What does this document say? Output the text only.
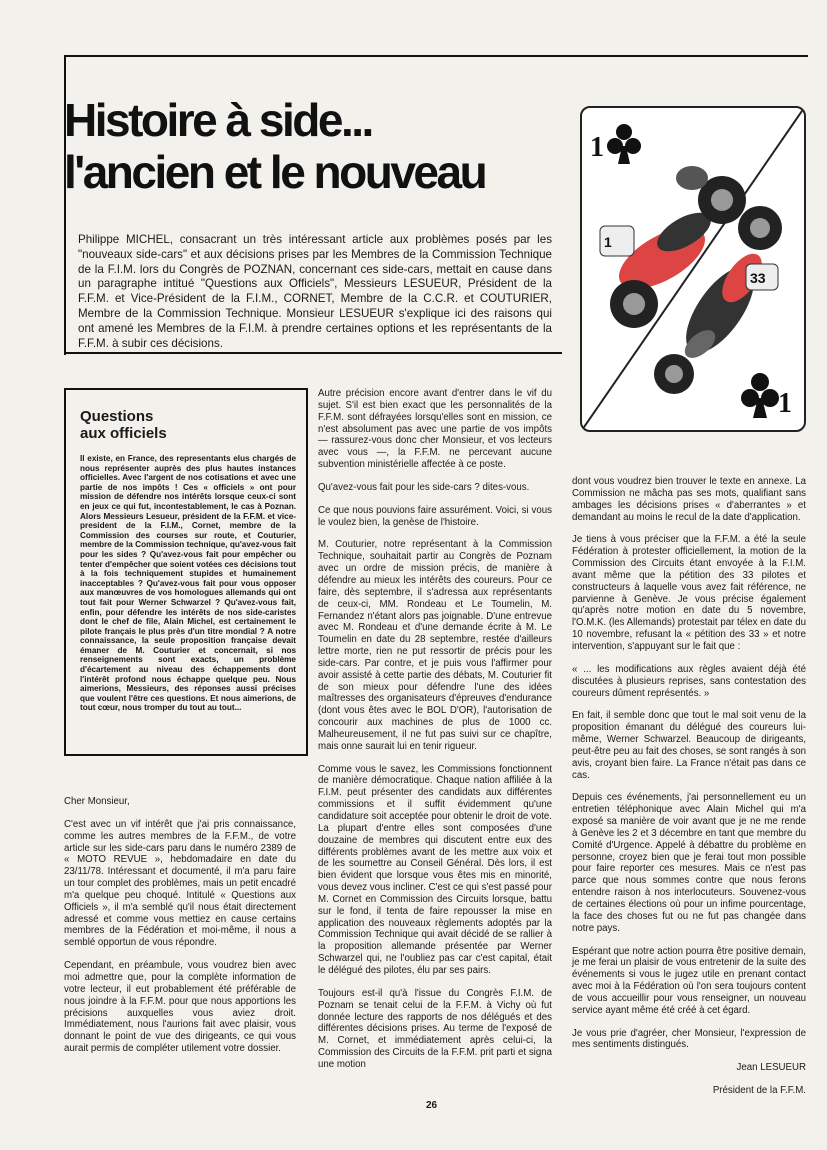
Histoire à side...
l'ancien et le nouveau

Philippe MICHEL, consacrant un très intéressant article aux problèmes posés par les "nouveaux side-cars" et aux décisions prises par les Membres de la Commission Technique de la F.I.M. lors du Congrès de POZNAN, concernant ces side-cars, mettait en cause dans un paragraphe intitué "Questions aux Officiels", Messieurs LESUEUR, Président de la F.F.M. et Vice-Président de la F.I.M., CORNET, Membre de la C.C.R. et COUTURIER, Membre de la Commission Technique. Monsieur LESUEUR s'explique ici des raisons qui ont amené les Membres de la F.I.M. à prendre certaines options et les représentants de la F.F.M. à subir ces décisions.

1
1
33
1
Questions
aux officiels

Il existe, en France, des representants elus chargés de nous représenter auprès des plus hautes instances officielles. Avec l'argent de nos cotisations et avec une partie de nos impôts ! Ces « officiels » ont pour mission de défendre nos intérêts lorsque ceux-ci sont en jeux ce qui fut, incontestablement, le cas à Poznan. Alors Messieurs Lesueur, président de la F.F.M. et vice-president de la F.I.M., Cornet, membre de la Commission des courses sur route, et Couturier, membre de la Commission technique, qu'avez-vous fait pour les sides ? Qu'avez-vous fait pour empêcher ou tenter d'empêcher que soient votées ces décisions tout à la fois techniquement stupides et humainement inacceptables ? Qu'avez-vous fait pour vous opposer aux manœuvres de vos homologues allemands qui ont tout fait pour Werner Schwarzel ? Qu'avez-vous fait, enfin, pour défendre les intérêts de nos side-caristes dont le chef de file, Alain Michel, est certainement le pilote français le plus près d'un titre mondial ? A notre connaissance, la seule proposition française devait émaner de M. Couturier et concernait, si nos renseignements sont exacts, un problème d'écartement au niveau des échappements dont l'intérêt profond nous échappe quelque peu. Nous aimerions, Messieurs, des réponses aussi précises que voulent l'être ces questions. Et nous aimerions, de tout cœur, nous tromper du tout au tout...

Cher Monsieur,

C'est avec un vif intérêt que j'ai pris connaissance, comme les autres membres de la F.F.M., de votre article sur les side-cars paru dans le numéro 2389 de « MOTO REVUE », hebdomadaire en date du 23/11/78. Intéressant et documenté, il m'a paru faire un tour complet des problèmes, mais un petit encadré m'a quelque peu choqué. Intitulé « Questions aux Officiels », il m'a semblé qu'il nous était directement adressé et comme vous mettiez en cause certains membres de la Fédération et moi-même, il nous a semblé opportun de vous répondre.

Cependant, en préambule, vous voudrez bien avec moi admettre que, pour la complète information de votre lecteur, il eut probablement été préférable de nous joindre à la F.F.M. pour que nous apportions les précisions auxquelles vous aviez droit. Immédiatement, nous l'aurions fait avec plaisir, vous donnant le point de vue des dirigeants, ce qui vous aurait permis de compléter utilement votre dossier.

Autre précision encore avant d'entrer dans le vif du sujet. S'il est bien exact que les personnalités de la F.F.M. sont défrayées lorsqu'elles sont en mission, ce n'est absolument pas avec une partie de vos impôts — rassurez-vous donc cher Monsieur, et vos lecteurs avec vous —, la F.F.M. ne percevant aucune subvention ministérielle affectée à ce poste.

Qu'avez-vous fait pour les side-cars ? dites-vous.

Ce que nous pouvions faire assurément. Voici, si vous le voulez bien, la genèse de l'histoire.

M. Couturier, notre représentant à la Commission Technique, souhaitait partir au Congrès de Poznam avec un ordre de mission précis, de manière à défendre au mieux les intérêts des coureurs. Pour ce faire, dès septembre, il s'adressa aux représentants de ceux-ci, MM. Rondeau et Le Toumelin, M. Fernandez n'étant alors pas joignable. D'une entrevue avec M. Rondeau et d'une demande écrite à M. Le Toumelin en date du 28 septembre, restée d'ailleurs lettre morte, rien ne put ressortir de précis pour les side-cars. Par contre, et je puis vous l'affirmer pour avoir assisté à cette partie des débats, M. Couturier fit de son mieux pour défendre l'une des idées maîtresses des organisateurs d'épreuves d'endurance (dont vous êtes avec le BOL D'OR), l'autorisation de concourir aux machines de plus de 1000 cc. Malheureusement, il ne fut pas suivi sur ce chapître, mais onne saurait lui en tenir rigueur.

Comme vous le savez, les Commissions fonctionnent de manière démocratique. Chaque nation affiliée à la F.I.M. peut présenter des candidats aux différentes commissions et il suffit évidemment qu'une candidature soit acceptée pour obtenir le droit de vote. La plupart d'entre elles sont composées d'une douzaine de membres qui discutent entre eux des différents problèmes avant de les mettre aux voix et de les soumettre au Conseil Général. Dès lors, il est bien évident que lorsque vous êtes mis en minorité, vous devez vous incliner. C'est ce qui s'est passé pour M. Cornet en Commission des Circuits lorsque, battu sur le fond, il tenta de faire repousser la mise en application des nouveaux règlements adoptés par la Commission Technique qui avait décidé de se rallier à la proposition allemande présentée par Werner Schwarzel qui, ne l'oubliez pas car c'est capital, était le délégué des pilotes, élu par ses pairs.

Toujours est-il qu'à l'issue du Congrès F.I.M. de Poznam se tenait celui de la F.F.M. à Vichy où fut donnée lecture des rapports de nos délégués et des différentes décisions prises. Au terme de l'exposé de M. Cornet, et immédiatement après celui-ci, la Commission des Circuits de la F.F.M. prit parti et signa une motion

dont vous voudrez bien trouver le texte en annexe. La Commission ne mâcha pas ses mots, qualifiant sans ambages les décisions prises « d'aberrantes » et demandant au moins le recul de la date d'application.

Je tiens à vous préciser que la F.F.M. a été la seule Fédération à protester officiellement, la motion de la Commission des Circuits étant envoyée à la F.I.M. avant même que la pétition des 33 pilotes et constructeurs à laquelle vous avez fait référence, ne parvienne à Genève. Je vous précise également qu'après notre motion en date du 5 novembre, l'O.M.K. (les Allemands) protestait par télex en date du 10 novembre, refusant la « pétition des 33 » et notre intervention, s'appuyant sur le fait que :

« ... les modifications aux règles avaient déjà été discutées à plusieurs reprises, sans contestation des coureurs dûment représentés. »

En fait, il semble donc que tout le mal soit venu de la proposition émanant du délégué des coureurs lui-même, Werner Schwarzel. Beaucoup de dirigeants, peut-être peu au fait des choses, se sont rangés à son avis, croyant bien faire. La France n'était pas dans ce cas.

Depuis ces événements, j'ai personnellement eu un entretien téléphonique avec Alain Michel qui m'a exposé sa manière de voir avant que je ne me rende à Genève les 2 et 3 décembre en tant que membre du Comité d'Urgence. Appelé à débattre du problème en personne, croyez bien que je ferai tout mon possible pour faire reporter ces mesures. Mais ce n'est pas parce que nous sommes contre que nous ferons entendre raison à nos interlocuteurs. Souvenez-vous de certaines élections où pour un infime pourcentage, la face des choses fut ou ne fut pas changée dans notre pays.

Espérant que notre action pourra être positive demain, je me ferai un plaisir de vous entretenir de la suite des événements si vous le jugez utile en prenant contact avec moi à la Fédération où l'on sera toujours content de vous accueillir pour vous renseigner, un nouveau service ayant même été créé à cet égard.

Je vous prie d'agréer, cher Monsieur, l'expression de mes sentiments distingués.

Jean LESUEUR

Président de la F.F.M.

26
